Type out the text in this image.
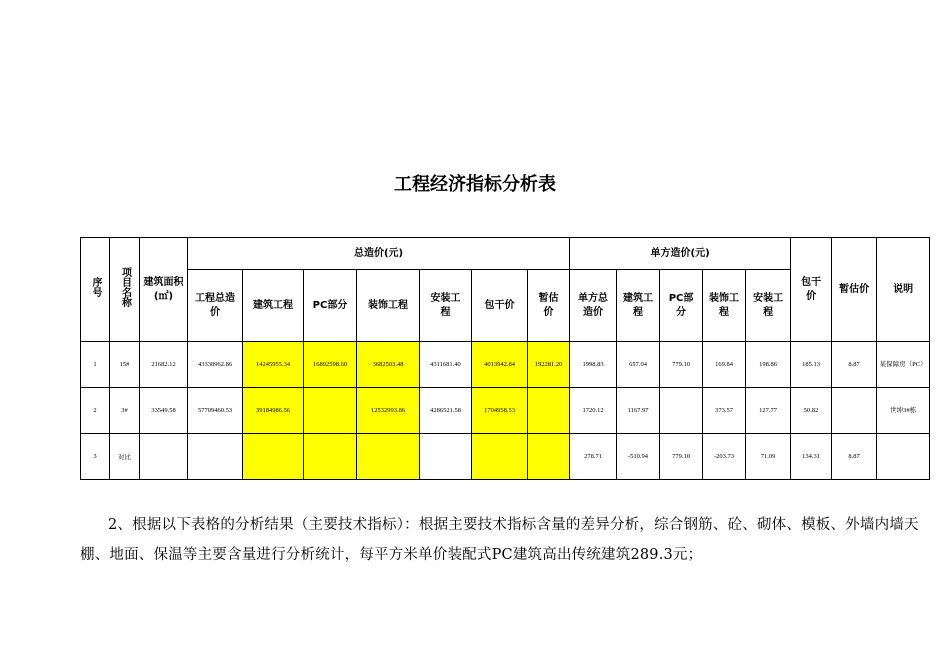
工程经济指标分析表
序号	项目名称	建筑面积(㎡)	总造价(元)							单方造价(元)					包干价	暂估价	说明
			工程总造价	建筑工程	PC部分	装饰工程	安装工程	包干价	暂估价	单方总造价	建筑工程	PC部分	装饰工程	安装工程			
1	15#	21682.12	43338962.86	14245955.34	16892598.60	3682503.48	4311681.40	4013942.84	192281.20	1998.83	657.04	779.10	169.84	198.86	185.13	8.87	某保障房（PC）
2	3#	33549.58	57709460.53	39184986.56		12532993.86	4286521.58	1704958.53		1720.12	1167.97		373.57	127.77	50.82		世坤3#栋
3	对比									278.71	-510.94	779.10	-203.73	71.09	134.31	8.87	
2、根据以下表格的分析结果（主要技术指标）：根据主要技术指标含量的差异分析，综合钢筋、砼、砌体、模板、外墙内墙天棚、地面、保温等主要含量进行分析统计，每平方米单价装配式PC建筑高出传统建筑289.3元；
